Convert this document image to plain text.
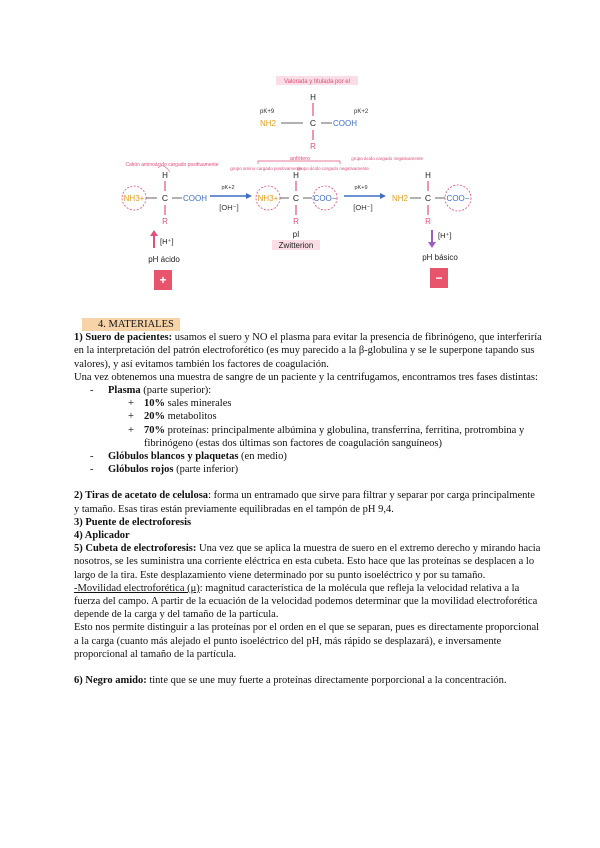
Valorada y titulada por el
H
pK+9	pK+2
NH2	C COOH
R
anfótero
Catión aminoácido cargado positivamente
H
NH3+ C COOH
R
pK+2
[OH⁻]
grupo amino cargado positivamente
grupo ácido cargado negativamente
H
NH3+ C COO−
R
pI
Zwitterion
pK+9
[OH⁻]
grupo ácido cargado negativamente
H
NH2 C
R
[H⁺]
pH ácido
+
COO−
[H⁺]
pH básico
−

4. MATERIALES

1) Suero de pacientes: usamos el suero y NO el plasma para evitar la presencia de fibrinógeno, que interferiría en la interpretación del patrón electroforético (es muy parecido a la β-globulina y se le superpone tapando sus valores), y así evitamos también los factores de coagulación.

Una vez obtenemos una muestra de sangre de un paciente y la centrifugamos, encontramos tres fases distintas:

-	Plasma (parte superior):
+ 10% sales minerales
+ 20% metabolitos
+ 70% proteínas: principalmente albúmina y globulina, transferrina, ferritina, protrombina y fibrinógeno (estas dos últimas son factores de coagulación sanguíneos)
-	Glóbulos blancos y plaquetas (en medio)
-	Glóbulos rojos (parte inferior)

2) Tiras de acetato de celulosa: forma un entramado que sirve para filtrar y separar por carga principalmente y tamaño. Esas tiras están previamente equilibradas en el tampón de pH 9,4.

3) Puente de electroforesis

4) Aplicador

5) Cubeta de electroforesis: Una vez que se aplica la muestra de suero en el extremo derecho y mirando hacia nosotros, se les suministra una corriente eléctrica en esta cubeta. Esto hace que las proteínas se desplacen a lo largo de la tira. Este desplazamiento viene determinado por su punto isoeléctrico y por su tamaño.

-Movilidad electroforética (μ): magnitud característica de la molécula que refleja la velocidad relativa a la fuerza del campo. A partir de la ecuación de la velocidad podemos determinar que la movilidad electroforética depende de la carga y del tamaño de la partícula.

Esto nos permite distinguir a las proteínas por el orden en el que se separan, pues es directamente proporcional a la carga (cuanto más alejado el punto isoeléctrico del pH, más rápido se desplazará), e inversamente proporcional al tamaño de la partícula.

6) Negro amido: tinte que se une muy fuerte a proteínas directamente porporcional a la concentración.
